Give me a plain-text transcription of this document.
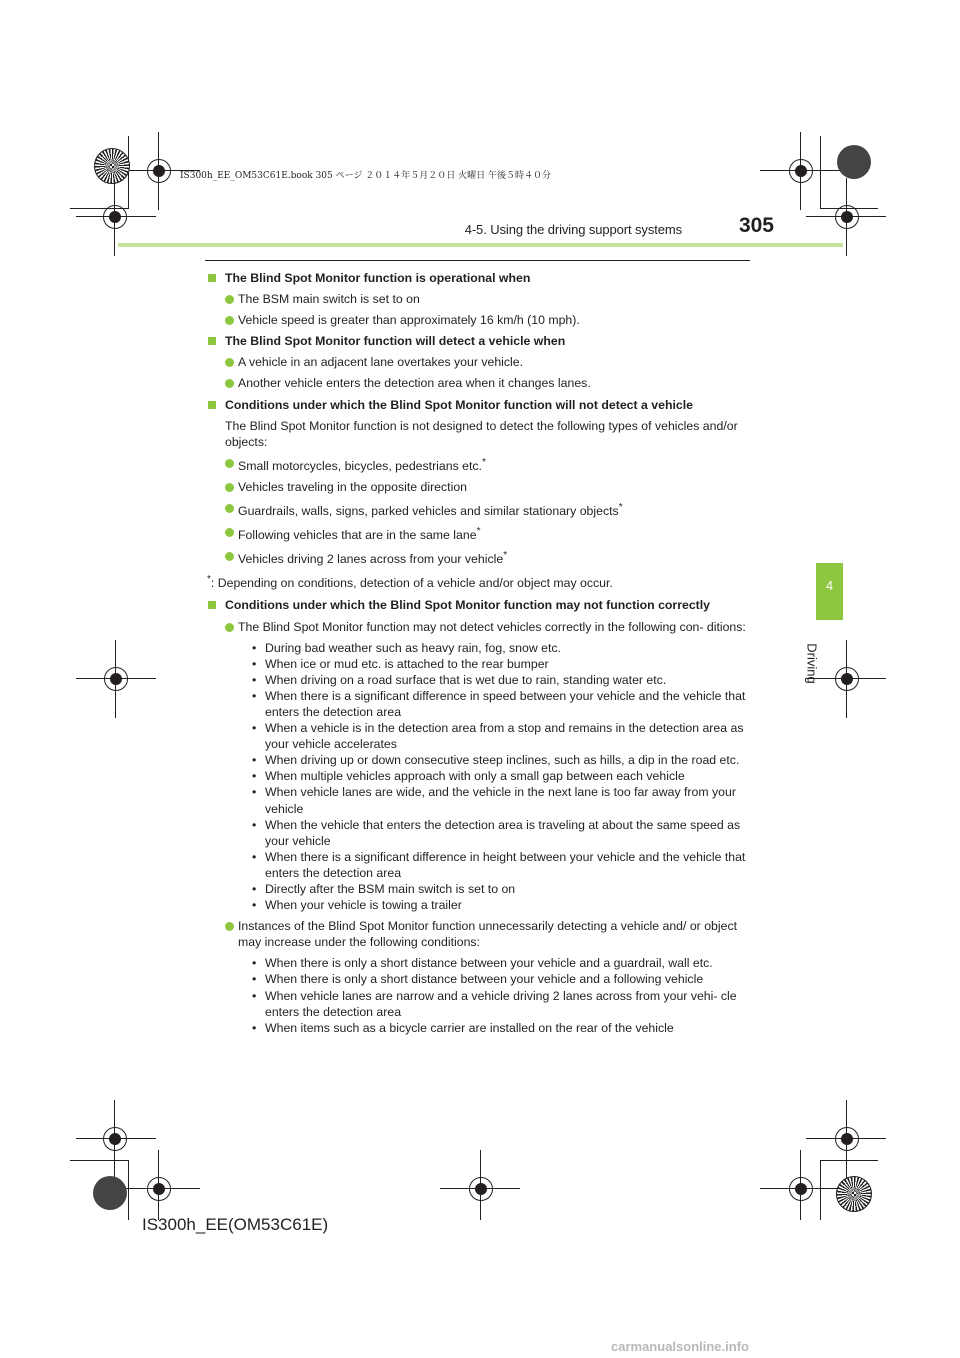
IS300h_EE_OM53C61E.book 305 ページ ２０１４年５月２０日 火曜日 午後５時４０分
4-5. Using the driving support systems	305
4
Driving

The Blind Spot Monitor function is operational when

The BSM main switch is set to on

Vehicle speed is greater than approximately 16 km/h (10 mph).

The Blind Spot Monitor function will detect a vehicle when

A vehicle in an adjacent lane overtakes your vehicle.

Another vehicle enters the detection area when it changes lanes.

Conditions under which the Blind Spot Monitor function will not detect a vehicle

The Blind Spot Monitor function is not designed to detect the following types of vehicles and/or objects:

Small motorcycles, bicycles, pedestrians etc.*

Vehicles traveling in the opposite direction

Guardrails, walls, signs, parked vehicles and similar stationary objects*

Following vehicles that are in the same lane*

Vehicles driving 2 lanes across from your vehicle*

*: Depending on conditions, detection of a vehicle and/or object may occur.

Conditions under which the Blind Spot Monitor function may not function correctly

The Blind Spot Monitor function may not detect vehicles correctly in the following con- ditions:

• During bad weather such as heavy rain, fog, snow etc.
• When ice or mud etc. is attached to the rear bumper
• When driving on a road surface that is wet due to rain, standing water etc.
• When there is a significant difference in speed between your vehicle and the vehicle that enters the detection area
• When a vehicle is in the detection area from a stop and remains in the detection area as your vehicle accelerates
• When driving up or down consecutive steep inclines, such as hills, a dip in the road etc.
• When multiple vehicles approach with only a small gap between each vehicle
• When vehicle lanes are wide, and the vehicle in the next lane is too far away from your vehicle
• When the vehicle that enters the detection area is traveling at about the same speed as your vehicle
• When there is a significant difference in height between your vehicle and the vehicle that enters the detection area
• Directly after the BSM main switch is set to on
• When your vehicle is towing a trailer

Instances of the Blind Spot Monitor function unnecessarily detecting a vehicle and/ or object may increase under the following conditions:

• When there is only a short distance between your vehicle and a guardrail, wall etc.
• When there is only a short distance between your vehicle and a following vehicle
• When vehicle lanes are narrow and a vehicle driving 2 lanes across from your vehi- cle enters the detection area
• When items such as a bicycle carrier are installed on the rear of the vehicle
IS300h_EE(OM53C61E)
carmanualsonline.info
